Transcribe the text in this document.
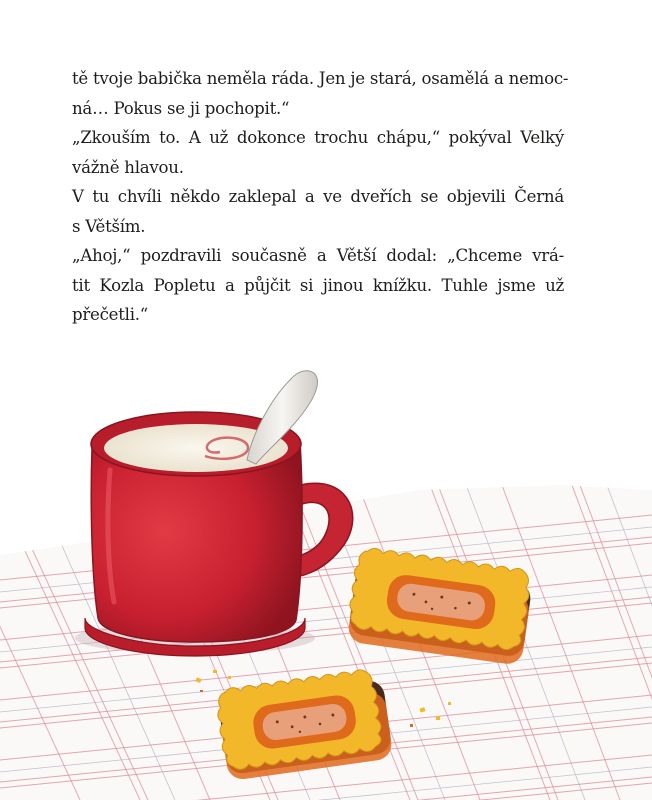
tě tvoje babička neměla ráda. Jen je stará, osamělá a nemoc-
ná… Pokus se ji pochopit.“
„Zkouším to. A už dokonce trochu chápu,“ pokýval Velký
vážně hlavou.
V tu chvíli někdo zaklepal a ve dveřích se objevili Černá
s Větším.
„Ahoj,“ pozdravili současně a Větší dodal: „Chceme vrá-
tit Kozla Popletu a půjčit si jinou knížku. Tuhle jsme už
přečetli.“
